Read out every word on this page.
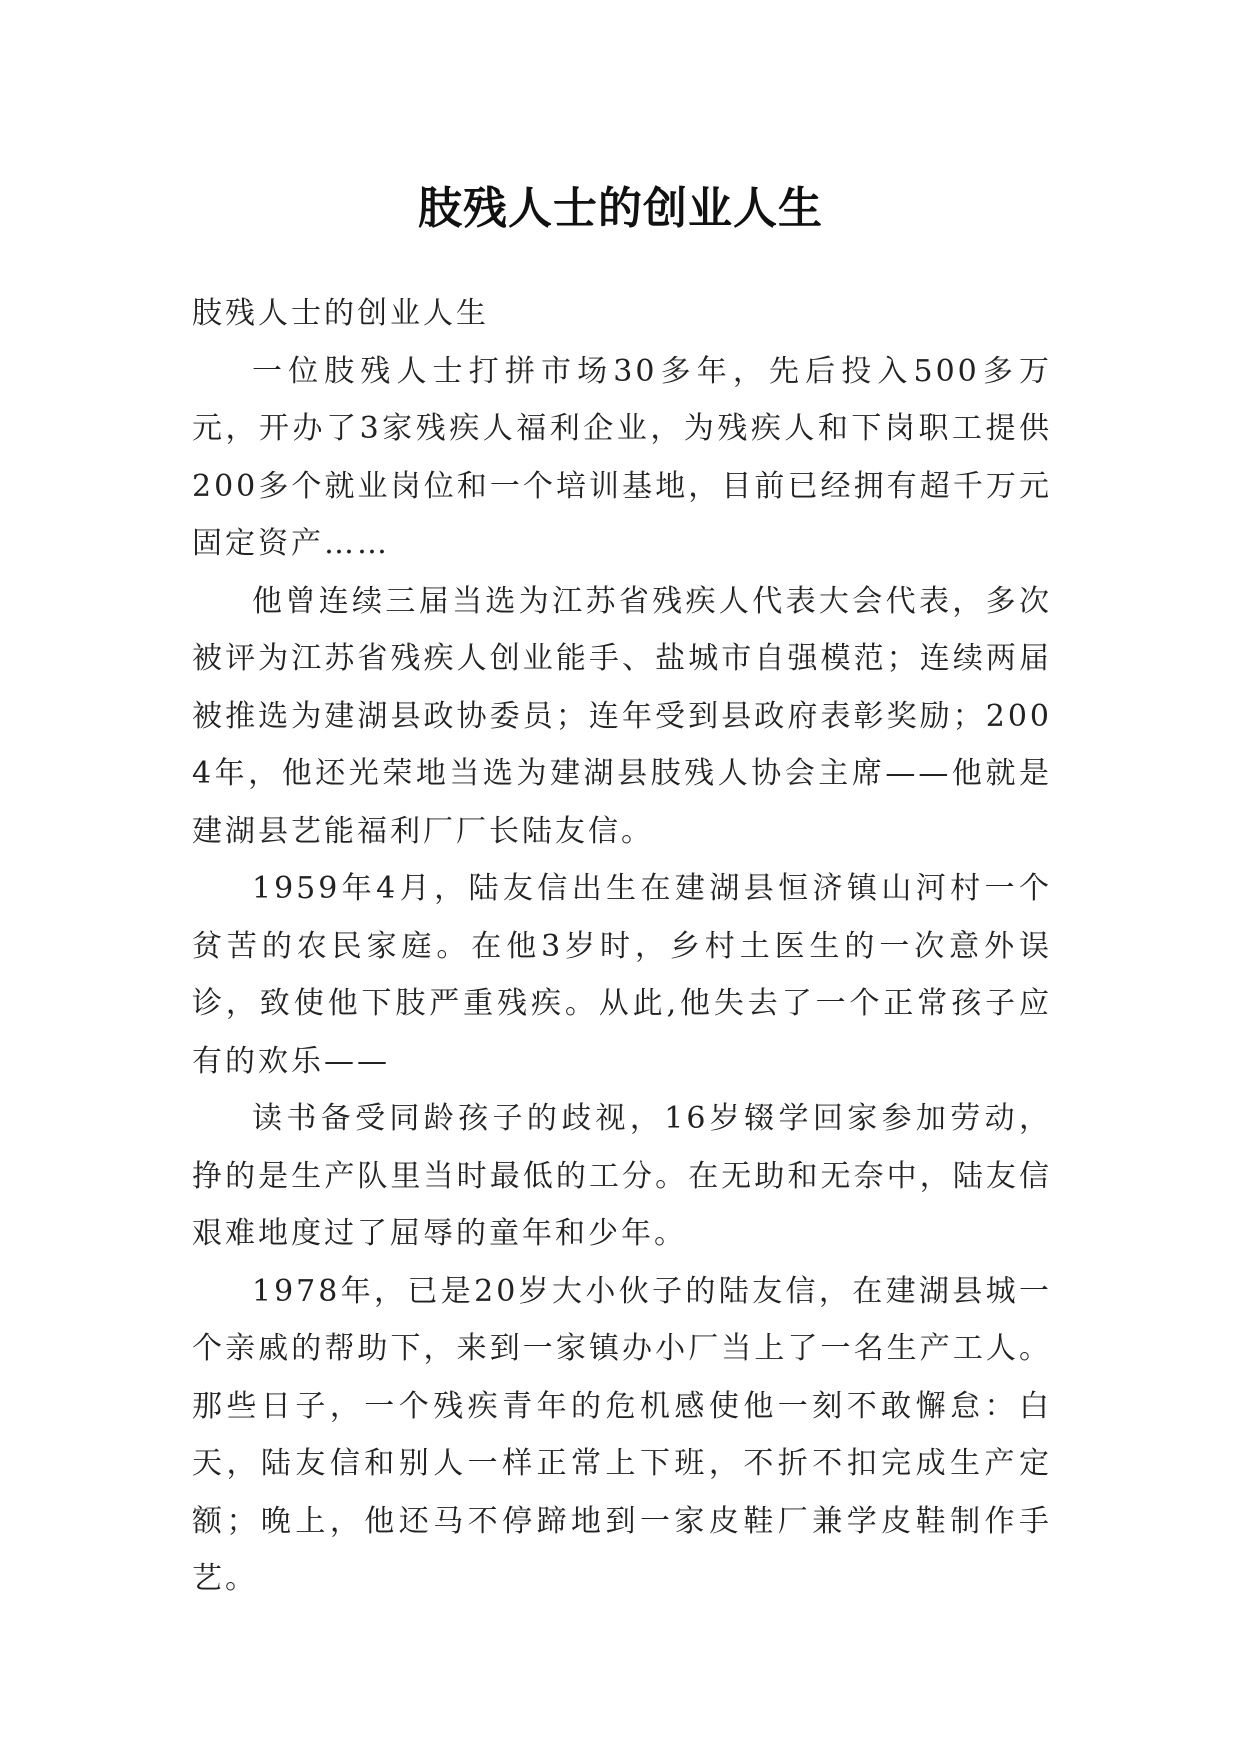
肢残人士的创业人生

肢残人士的创业人生

一位肢残人士打拼市场30多年，先后投入500多万元，开办了3家残疾人福利企业，为残疾人和下岗职工提供200多个就业岗位和一个培训基地，目前已经拥有超千万元固定资产……

他曾连续三届当选为江苏省残疾人代表大会代表，多次被评为江苏省残疾人创业能手、盐城市自强模范；连续两届被推选为建湖县政协委员；连年受到县政府表彰奖励；2004年，他还光荣地当选为建湖县肢残人协会主席——他就是建湖县艺能福利厂厂长陆友信。

1959年4月，陆友信出生在建湖县恒济镇山河村一个贫苦的农民家庭。在他3岁时，乡村土医生的一次意外误诊，致使他下肢严重残疾。从此,他失去了一个正常孩子应有的欢乐——

读书备受同龄孩子的歧视，16岁辍学回家参加劳动，挣的是生产队里当时最低的工分。在无助和无奈中，陆友信艰难地度过了屈辱的童年和少年。

1978年，已是20岁大小伙子的陆友信，在建湖县城一个亲戚的帮助下，来到一家镇办小厂当上了一名生产工人。那些日子，一个残疾青年的危机感使他一刻不敢懈怠：白天，陆友信和别人一样正常上下班，不折不扣完成生产定额；晚上，他还马不停蹄地到一家皮鞋厂兼学皮鞋制作手艺。
